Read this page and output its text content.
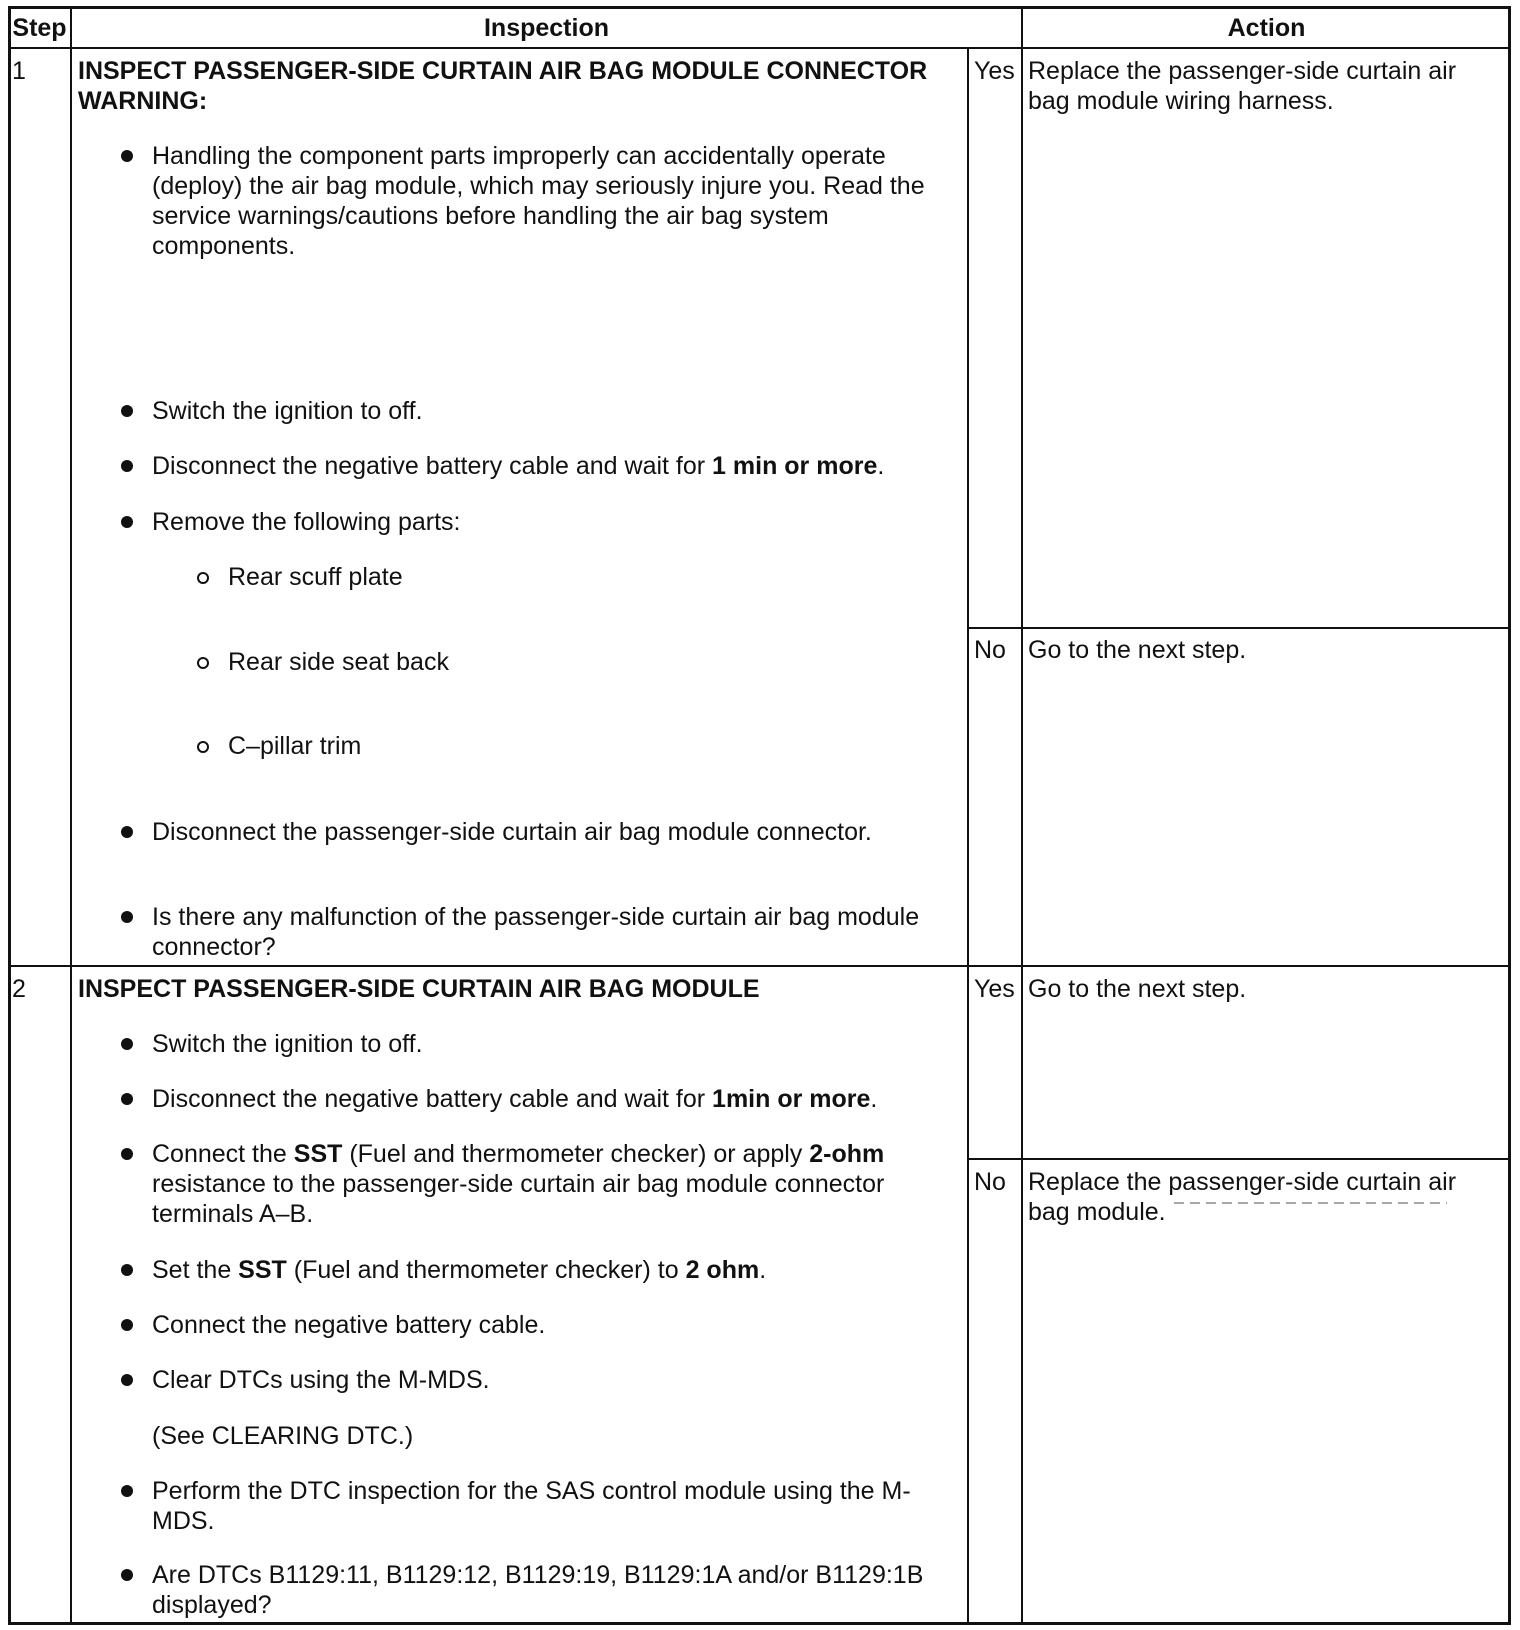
Step	Inspection	Action
1 INSPECT PASSENGER-SIDE CURTAIN AIR BAG MODULE CONNECTOR
WARNING:
Handling the component parts improperly can accidentally operate (deploy) the air bag module, which may seriously injure you. Read the service warnings/cautions before handling the air bag system components.
Switch the ignition to off.
Disconnect the negative battery cable and wait for 1 min or more.
Remove the following parts:
Rear scuff plate
Rear side seat back
C–pillar trim
Disconnect the passenger-side curtain air bag module connector.
Is there any malfunction of the passenger-side curtain air bag module connector?
Yes Replace the passenger-side curtain air bag module wiring harness.
No Go to the next step.
2 INSPECT PASSENGER-SIDE CURTAIN AIR BAG MODULE
Switch the ignition to off.
Disconnect the negative battery cable and wait for 1min or more.
Connect the SST (Fuel and thermometer checker) or apply 2-ohm resistance to the passenger-side curtain air bag module connector terminals A–B.
Set the SST (Fuel and thermometer checker) to 2 ohm.
Connect the negative battery cable.
Clear DTCs using the M-MDS.
(See CLEARING DTC.)
Perform the DTC inspection for the SAS control module using the M-MDS.
Are DTCs B1129:11, B1129:12, B1129:19, B1129:1A and/or B1129:1B displayed?
Yes Go to the next step.
No Replace the passenger-side curtain air bag module.
